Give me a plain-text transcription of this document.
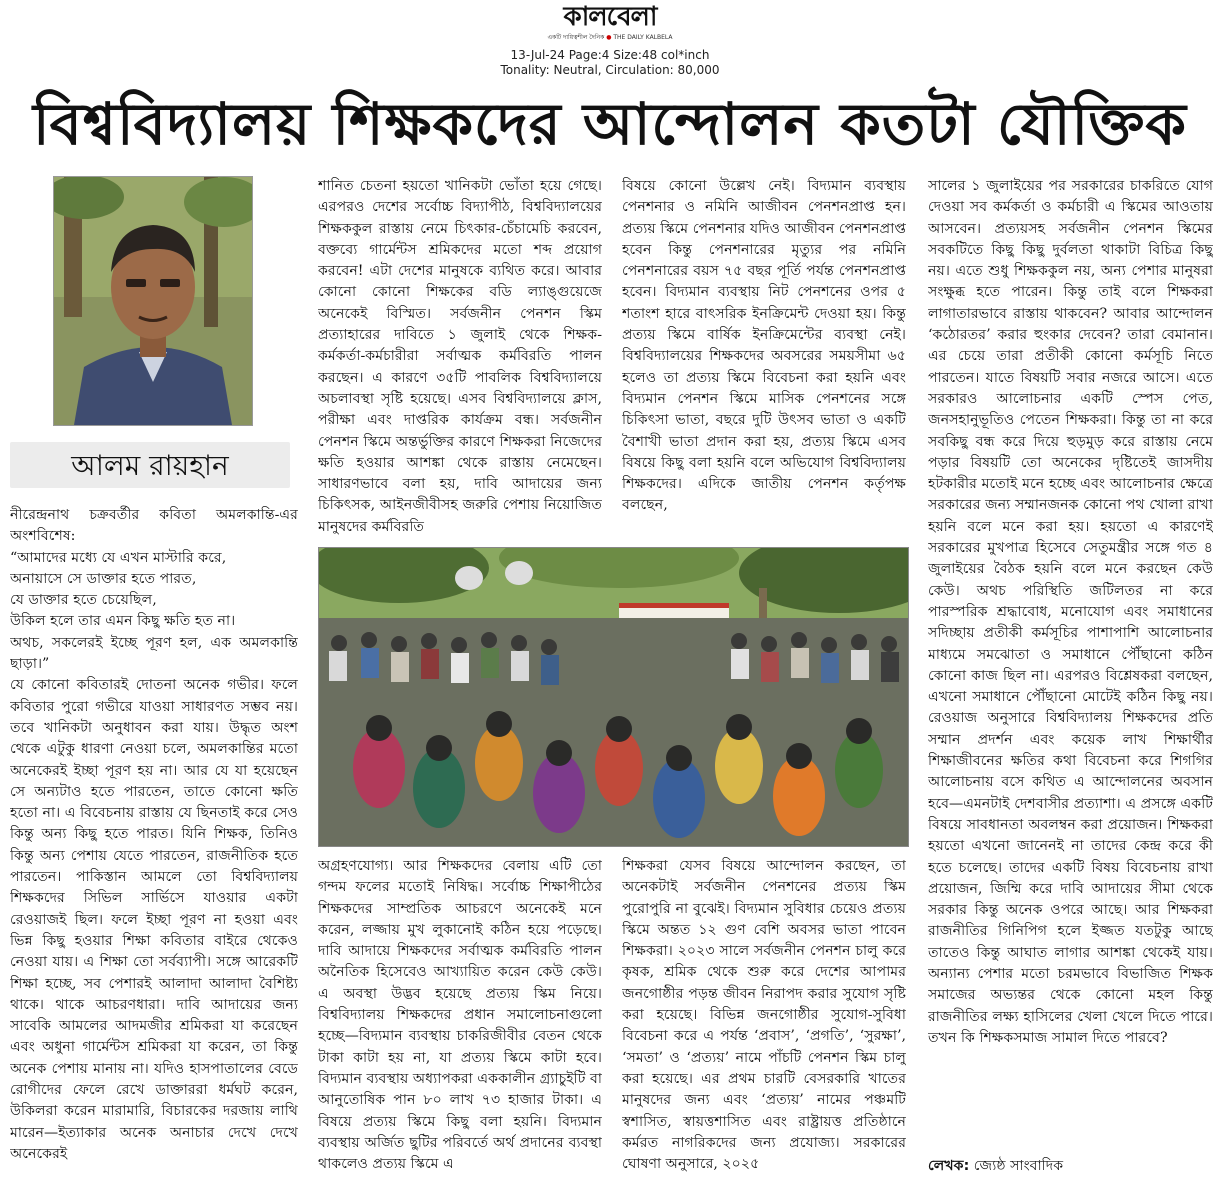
কালবেলা
একটি দায়িত্বশীল দৈনিক ● THE DAILY KALBELA
13-Jul-24 Page:4 Size:48 col*inch
Tonality: Neutral, Circulation: 80,000
বিশ্ববিদ্যালয় শিক্ষকদের আন্দোলন কতটা যৌক্তিক
আলম রায়হান

নীরেন্দ্রনাথ চক্রবর্তীর কবিতা অমলকান্তি-এর অংশবিশেষ:

“আমাদের মধ্যে যে এখন মাস্টারি করে,
অনায়াসে সে ডাক্তার হতে পারত,
যে ডাক্তার হতে চেয়েছিল,
উকিল হলে তার এমন কিছু ক্ষতি হত না।
অথচ, সকলেরই ইচ্ছে পূরণ হল, এক অমলকান্তি ছাড়া।”

যে কোনো কবিতারই দোতনা অনেক গভীর। ফলে কবিতার পুরো গভীরে যাওয়া সাধারণত সম্ভব নয়। তবে খানিকটা অনুধাবন করা যায়। উদ্ধৃত অংশ থেকে এটুকু ধারণা নেওয়া চলে, অমলকান্তির মতো অনেকেরই ইচ্ছা পূরণ হয় না। আর যে যা হয়েছেন সে অন্যটাও হতে পারতেন, তাতে কোনো ক্ষতি হতো না। এ বিবেচনায় রাস্তায় যে ছিনতাই করে সেও কিন্তু অন্য কিছু হতে পারত। যিনি শিক্ষক, তিনিও কিন্তু অন্য পেশায় যেতে পারতেন, রাজনীতিক হতে পারতেন। পাকিস্তান আমলে তো বিশ্ববিদ্যালয় শিক্ষকদের সিভিল সার্ভিসে যাওয়ার একটা রেওয়াজই ছিল। ফলে ইচ্ছা পূরণ না হওয়া এবং ভিন্ন কিছু হওয়ার শিক্ষা কবিতার বাইরে থেকেও নেওয়া যায়। এ শিক্ষা তো সর্বব্যাপী। সঙ্গে আরেকটি শিক্ষা হচ্ছে, সব পেশারই আলাদা আলাদা বৈশিষ্ট্য থাকে। থাকে আচরণধারা। দাবি আদায়ের জন্য সাবেকি আমলের আদমজীর শ্রমিকরা যা করেছেন এবং অধুনা গার্মেন্টস শ্রমিকরা যা করেন, তা কিন্তু অনেক পেশায় মানায় না। যদিও হাসপাতালের বেডে রোগীদের ফেলে রেখে ডাক্তাররা ধর্মঘট করেন, উকিলরা করেন মারামারি, বিচারকের দরজায় লাথি মারেন—ইত্যাকার অনেক অনাচার দেখে দেখে অনেকেরই

শানিত চেতনা হয়তো খানিকটা ভোঁতা হয়ে গেছে। এরপরও দেশের সর্বোচ্চ বিদ্যাপীঠ, বিশ্ববিদ্যালয়ের শিক্ষককুল রাস্তায় নেমে চিৎকার-চেঁচামেচি করবেন, বক্তব্যে গার্মেন্টস শ্রমিকদের মতো শব্দ প্রয়োগ করবেন! এটা দেশের মানুষকে ব্যথিত করে। আবার কোনো কোনো শিক্ষকের বডি ল্যাঙ্গুয়েজে অনেকেই বিস্মিত। সর্বজনীন পেনশন স্কিম প্রত্যাহারের দাবিতে ১ জুলাই থেকে শিক্ষক-কর্মকর্তা-কর্মচারীরা সর্বাত্মক কর্মবিরতি পালন করছেন। এ কারণে ৩৫টি পাবলিক বিশ্ববিদ্যালয়ে অচলাবস্থা সৃষ্টি হয়েছে। এসব বিশ্ববিদ্যালয়ে ক্লাস, পরীক্ষা এবং দাপ্তরিক কার্যক্রম বন্ধ। সর্বজনীন পেনশন স্কিমে অন্তর্ভুক্তির কারণে শিক্ষকরা নিজেদের ক্ষতি হওয়ার আশঙ্কা থেকে রাস্তায় নেমেছেন। সাধারণভাবে বলা হয়, দাবি আদায়ের জন্য চিকিৎসক, আইনজীবীসহ জরুরি পেশায় নিয়োজিত মানুষদের কর্মবিরতি

বিষয়ে কোনো উল্লেখ নেই। বিদ্যমান ব্যবস্থায় পেনশনার ও নমিনি আজীবন পেনশনপ্রাপ্ত হন। প্রত্যয় স্কিমে পেনশনার যদিও আজীবন পেনশনপ্রাপ্ত হবেন কিন্তু পেনশনারের মৃত্যুর পর নমিনি পেনশনারের বয়স ৭৫ বছর পূর্তি পর্যন্ত পেনশনপ্রাপ্ত হবেন। বিদ্যমান ব্যবস্থায় নিট পেনশনের ওপর ৫ শতাংশ হারে বাৎসরিক ইনক্রিমেন্ট দেওয়া হয়। কিন্তু প্রত্যয় স্কিমে বার্ষিক ইনক্রিমেন্টের ব্যবস্থা নেই। বিশ্ববিদ্যালয়ের শিক্ষকদের অবসরের সময়সীমা ৬৫ হলেও তা প্রত্যয় স্কিমে বিবেচনা করা হয়নি এবং বিদ্যমান পেনশন স্কিমে মাসিক পেনশনের সঙ্গে চিকিৎসা ভাতা, বছরে দুটি উৎসব ভাতা ও একটি বৈশাখী ভাতা প্রদান করা হয়, প্রত্যয় স্কিমে এসব বিষয়ে কিছু বলা হয়নি বলে অভিযোগ বিশ্ববিদ্যালয় শিক্ষকদের। এদিকে জাতীয় পেনশন কর্তৃপক্ষ বলছেন,

সালের ১ জুলাইয়ের পর সরকারের চাকরিতে যোগ দেওয়া সব কর্মকর্তা ও কর্মচারী এ স্কিমের আওতায় আসবেন। প্রত্যয়সহ সর্বজনীন পেনশন স্কিমের সবকটিতে কিছু কিছু দুর্বলতা থাকাটা বিচিত্র কিছু নয়। এতে শুধু শিক্ষককুল নয়, অন্য পেশার মানুষরা সংক্ষুব্ধ হতে পারেন। কিন্তু তাই বলে শিক্ষকরা লাগাতারভাবে রাস্তায় থাকবেন? আবার আন্দোলন ‘কঠোরতর’ করার হুংকার দেবেন? তারা বেমানান। এর চেয়ে তারা প্রতীকী কোনো কর্মসূচি নিতে পারতেন। যাতে বিষয়টি সবার নজরে আসে। এতে সরকারও আলোচনার একটি স্পেস পেত, জনসহানুভূতিও পেতেন শিক্ষকরা। কিন্তু তা না করে সবকিছু বন্ধ করে দিয়ে হুড়মুড় করে রাস্তায় নেমে পড়ার বিষয়টি তো অনেকের দৃষ্টিতেই জাসদীয় হটকারীর মতোই মনে হচ্ছে এবং আলোচনার ক্ষেত্রে সরকারের জন্য সম্মানজনক কোনো পথ খোলা রাখা হয়নি বলে মনে করা হয়। হয়তো এ কারণেই সরকারের মুখপাত্র হিসেবে সেতুমন্ত্রীর সঙ্গে গত ৪ জুলাইয়ের বৈঠক হয়নি বলে মনে করছেন কেউ কেউ। অথচ পরিস্থিতি জটিলতর না করে পারস্পরিক শ্রদ্ধাবোধ, মনোযোগ এবং সমাধানের সদিচ্ছায় প্রতীকী কর্মসূচির পাশাপাশি আলোচনার মাধ্যমে সমঝোতা ও সমাধানে পৌঁছানো কঠিন কোনো কাজ ছিল না। এরপরও বিশ্লেষকরা বলছেন, এখনো সমাধানে পৌঁছানো মোটেই কঠিন কিছু নয়। রেওয়াজ অনুসারে বিশ্ববিদ্যালয় শিক্ষকদের প্রতি সম্মান প্রদর্শন এবং কয়েক লাখ শিক্ষার্থীর শিক্ষাজীবনের ক্ষতির কথা বিবেচনা করে শিগগির আলোচনায় বসে কথিত এ আন্দোলনের অবসান হবে—এমনটাই দেশবাসীর প্রত্যাশা। এ প্রসঙ্গে একটি বিষয়ে সাবধানতা অবলম্বন করা প্রয়োজন। শিক্ষকরা হয়তো এখনো জানেনই না তাদের কেন্দ্র করে কী হতে চলেছে। তাদের একটি বিষয় বিবেচনায় রাখা প্রয়োজন, জিম্মি করে দাবি আদায়ের সীমা থেকে সরকার কিন্তু অনেক ওপরে আছে। আর শিক্ষকরা রাজনীতির গিনিপিগ হলে ইজ্জত যতটুকু আছে তাতেও কিন্তু আঘাত লাগার আশঙ্কা থেকেই যায়। অন্যান্য পেশার মতো চরমভাবে বিভাজিত শিক্ষক সমাজের অভ্যন্তর থেকে কোনো মহল কিন্তু রাজনীতির লক্ষ্য হাসিলের খেলা খেলে দিতে পারে। তখন কি শিক্ষকসমাজ সামাল দিতে পারবে?

অগ্রহণযোগ্য। আর শিক্ষকদের বেলায় এটি তো গন্দম ফলের মতোই নিষিদ্ধ। সর্বোচ্চ শিক্ষাপীঠের শিক্ষকদের সাম্প্রতিক আচরণে অনেকেই মনে করেন, লজ্জায় মুখ লুকানোই কঠিন হয়ে পড়েছে। দাবি আদায়ে শিক্ষকদের সর্বাত্মক কর্মবিরতি পালন অনৈতিক হিসেবেও আখ্যায়িত করেন কেউ কেউ। এ অবস্থা উদ্ভব হয়েছে প্রত্যয় স্কিম নিয়ে। বিশ্ববিদ্যালয় শিক্ষকদের প্রধান সমালোচনাগুলো হচ্ছে—বিদ্যমান ব্যবস্থায় চাকরিজীবীর বেতন থেকে টাকা কাটা হয় না, যা প্রত্যয় স্কিমে কাটা হবে। বিদ্যমান ব্যবস্থায় অধ্যাপকরা এককালীন গ্র্যাচুইটি বা আনুতোষিক পান ৮০ লাখ ৭৩ হাজার টাকা। এ বিষয়ে প্রত্যয় স্কিমে কিছু বলা হয়নি। বিদ্যমান ব্যবস্থায় অর্জিত ছুটির পরিবর্তে অর্থ প্রদানের ব্যবস্থা থাকলেও প্রত্যয় স্কিমে এ

শিক্ষকরা যেসব বিষয়ে আন্দোলন করছেন, তা অনেকটাই সর্বজনীন পেনশনের প্রত্যয় স্কিম পুরোপুরি না বুঝেই। বিদ্যমান সুবিধার চেয়েও প্রত্যয় স্কিমে অন্তত ১২ গুণ বেশি অবসর ভাতা পাবেন শিক্ষকরা। ২০২৩ সালে সর্বজনীন পেনশন চালু করে কৃষক, শ্রমিক থেকে শুরু করে দেশের আপামর জনগোষ্ঠীর পড়ন্ত জীবন নিরাপদ করার সুযোগ সৃষ্টি করা হয়েছে। বিভিন্ন জনগোষ্ঠীর সুযোগ-সুবিধা বিবেচনা করে এ পর্যন্ত ‘প্রবাস’, ‘প্রগতি’, ‘সুরক্ষা’, ‘সমতা’ ও ‘প্রত্যয়’ নামে পাঁচটি পেনশন স্কিম চালু করা হয়েছে। এর প্রথম চারটি বেসরকারি খাতের মানুষদের জন্য এবং ‘প্রত্যয়’ নামের পঞ্চমটি স্বশাসিত, স্বায়ত্তশাসিত এবং রাষ্ট্রায়ত্ত প্রতিষ্ঠানে কর্মরত নাগরিকদের জন্য প্রযোজ্য। সরকারের ঘোষণা অনুসারে, ২০২৫	লেখক: জ্যেষ্ঠ সাংবাদিক
